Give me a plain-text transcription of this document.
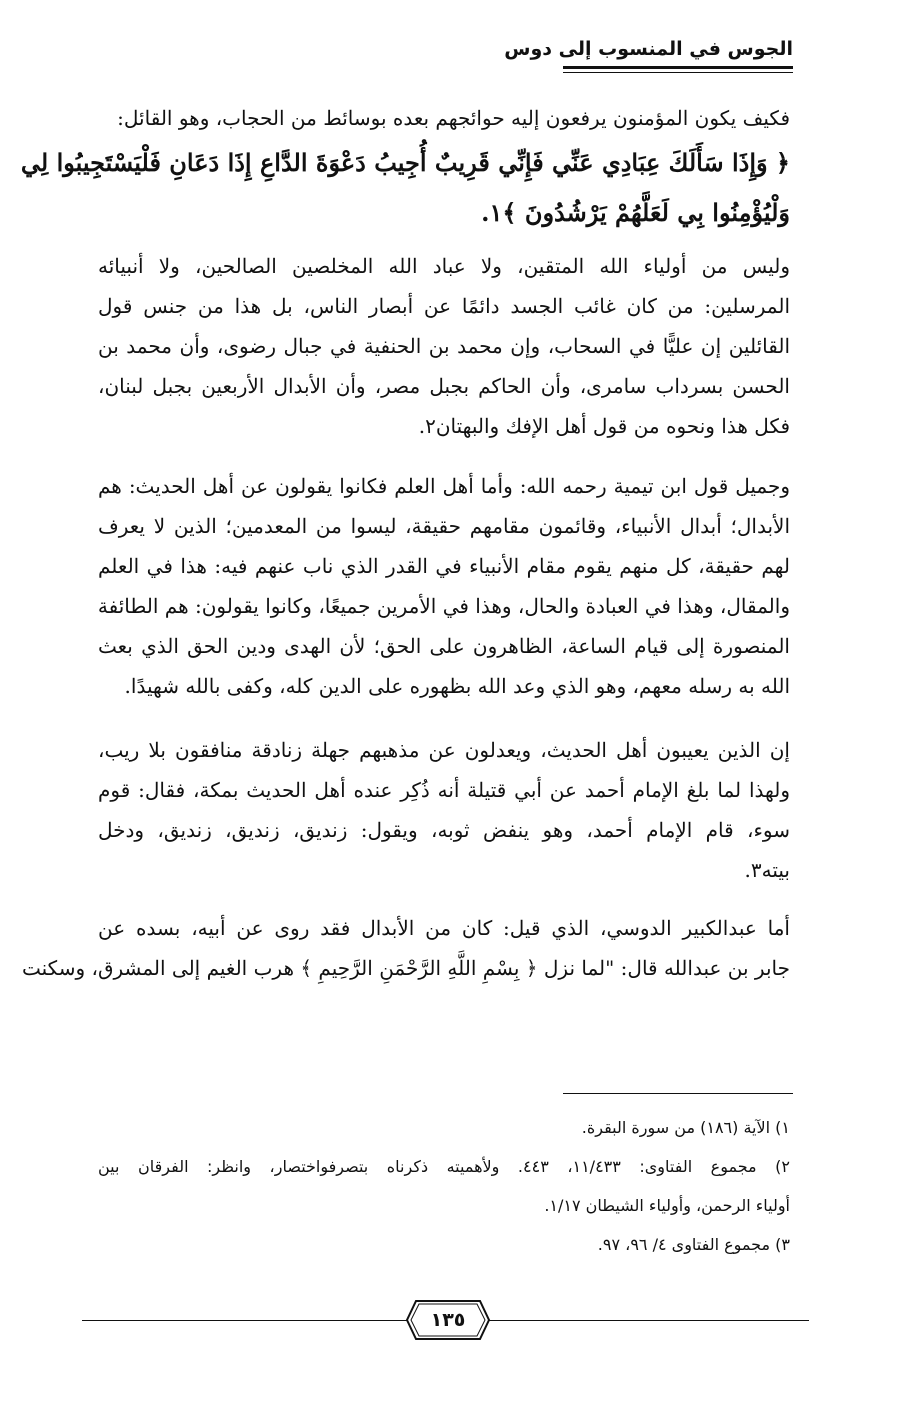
الجوس في المنسوب إلى دوس
فكيف يكون المؤمنون يرفعون إليه حوائجهم بعده بوسائط من الحجاب، وهو القائل:
﴿ وَإِذَا سَأَلَكَ عِبَادِي عَنِّي فَإِنِّي قَرِيبٌ أُجِيبُ دَعْوَةَ الدَّاعِ إِذَا دَعَانِ فَلْيَسْتَجِيبُوا لِي
وَلْيُؤْمِنُوا بِي لَعَلَّهُمْ يَرْشُدُونَ ﴾١.
وليس من أولياء الله المتقين، ولا عباد الله المخلصين الصالحين، ولا أنبيائه
المرسلين: من كان غائب الجسد دائمًا عن أبصار الناس، بل هذا من جنس قول
القائلين إن عليًّا في السحاب، وإن محمد بن الحنفية في جبال رضوى، وأن محمد بن
الحسن بسرداب سامرى، وأن الحاكم بجبل مصر، وأن الأبدال الأربعين بجبل لبنان،
فكل هذا ونحوه من قول أهل الإفك والبهتان٢.
وجميل قول ابن تيمية رحمه الله: وأما أهل العلم فكانوا يقولون عن أهل الحديث: هم
الأبدال؛ أبدال الأنبياء، وقائمون مقامهم حقيقة، ليسوا من المعدمين؛ الذين لا يعرف
لهم حقيقة، كل منهم يقوم مقام الأنبياء في القدر الذي ناب عنهم فيه: هذا في العلم
والمقال، وهذا في العبادة والحال، وهذا في الأمرين جميعًا، وكانوا يقولون: هم الطائفة
المنصورة إلى قيام الساعة، الظاهرون على الحق؛ لأن الهدى ودين الحق الذي بعث
الله به رسله معهم، وهو الذي وعد الله بظهوره على الدين كله، وكفى بالله شهيدًا.
إن الذين يعيبون أهل الحديث، ويعدلون عن مذهبهم جهلة زنادقة منافقون بلا ريب،
ولهذا لما بلغ الإمام أحمد عن أبي قتيلة أنه ذُكِر عنده أهل الحديث بمكة، فقال: قوم
سوء، قام الإمام أحمد، وهو ينفض ثوبه، ويقول: زنديق، زنديق، زنديق، ودخل
بيته٣.
أما عبدالكبير الدوسي، الذي قيل: كان من الأبدال فقد روى عن أبيه، بسده عن
جابر بن عبدالله قال: "لما نزل ﴿ بِسْمِ اللَّهِ الرَّحْمَنِ الرَّحِيمِ ﴾ هرب الغيم إلى المشرق، وسكنت
١) الآية (١٨٦) من سورة البقرة.
٢) مجموع الفتاوى: ١١/٤٣٣، ٤٤٣. ولأهميته ذكرناه بتصرفواختصار، وانظر: الفرقان بين
أولياء الرحمن، وأولياء الشيطان ١/١٧.
٣) مجموع الفتاوى ٤/ ٩٦، ٩٧.
١٣٥
